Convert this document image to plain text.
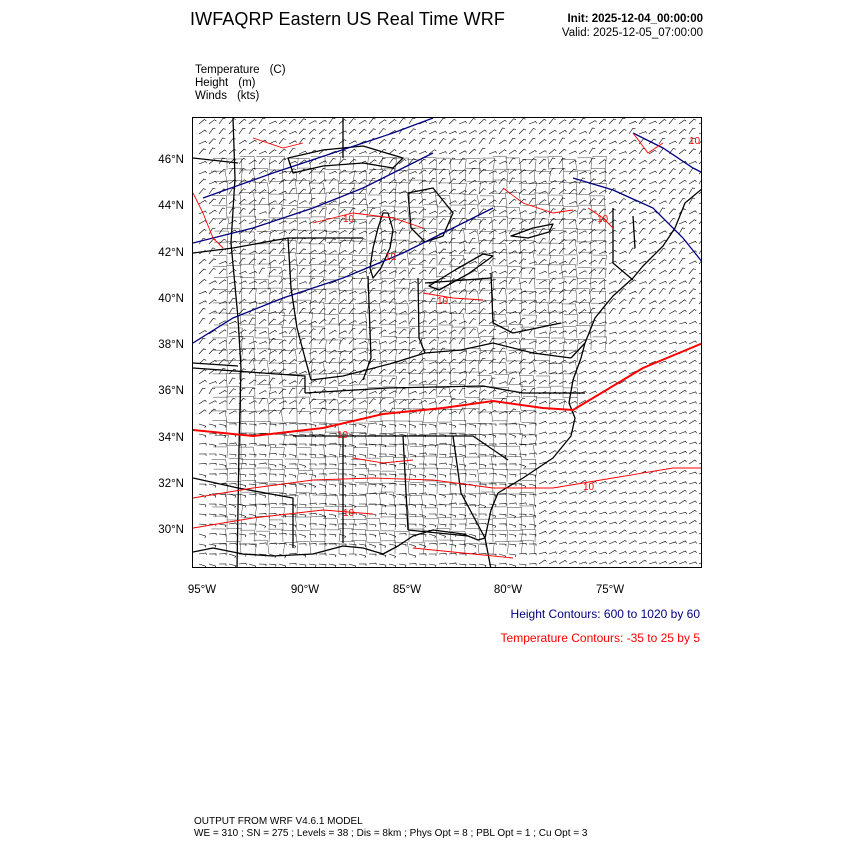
IWFAQRP Eastern US Real Time WRF	Init: 2025-12-04_00:00:00
Valid: 2025-12-05_07:00:00
Temperature (C)
Height (m)
Winds (kts)
10
10
10
10
10
10
10
10
46°N
44°N
42°N
40°N
38°N
36°N
34°N
32°N
30°N
95°W	90°W	85°W	80°W	75°W
Height Contours: 600 to 1020 by 60
Temperature Contours: -35 to 25 by 5
OUTPUT FROM WRF V4.6.1 MODEL
WE = 310 ; SN = 275 ; Levels = 38 ; Dis = 8km ; Phys Opt = 8 ; PBL Opt = 1 ; Cu Opt = 3
